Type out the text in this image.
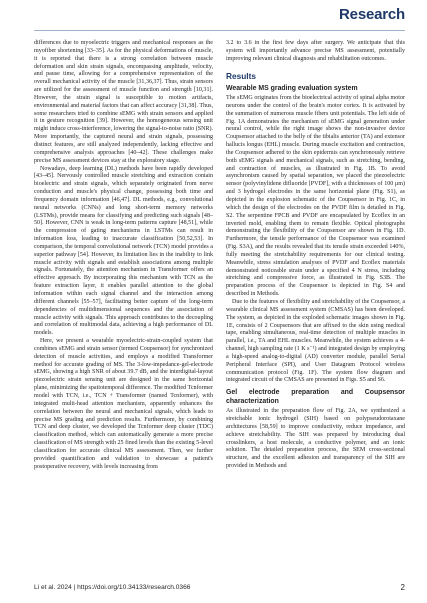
Research

differences due to myoelectric triggers and mechanical responses as the myofiber shortening [33–35]. As for the physical deformations of muscle, it is reported that there is a strong correlation between muscle deformation and skin strain signals, encompassing amplitude, velocity, and pause time, allowing for a comprehensive representation of the overall mechanical activity of the muscle [31,36,37]. Thus, strain sensors are utilized for the assessment of muscle function and strength [10,31]. However, the strain signal is susceptible to motion artifacts, environmental and material factors that can affect accuracy [31,38]. Thus, some researchers tried to combine sEMG with strain sensors and applied it in gesture recognition [39]. However, the homogeneous sensing unit might induce cross-interference, lowering the signal-to-noise ratio (SNR). More importantly, the captured neural and strain signals, possessing distinct features, are still analyzed independently, lacking effective and comprehensive analysis approaches [40–42]. These challenges make precise MS assessment devices stay at the exploratory stage.

Nowadays, deep learning (DL) methods have been rapidly developed [43–45]. Nervously controlled muscle stretching and extraction contain bioelectric and strain signals, which separately originated from nerve conduction and muscle's physical change, possessing both time and frequency domain information [46,47]. DL methods, e.g., convolutional neural networks (CNNs) and long short-term memory networks (LSTMs), provide means for classifying and predicting such signals [48–50]. However, CNN is weak in long-term patterns capture [48,51], while the compression of gating mechanisms in LSTMs can result in information loss, leading to inaccurate classification [50,52,53]. In comparison, the temporal convolutional network (TCN) model provides a superior pathway [54]. However, its limitation lies in the inability to link muscle activity with signals and establish associations among multiple signals. Fortunately, the attention mechanism in Transformer offers an effective approach. By incorporating this mechanism with TCN as the feature extraction layer, it enables parallel attention to the global information within each signal channel and the interaction among different channels [55–57], facilitating better capture of the long-term dependencies of multidimensional sequences and the association of muscle activity with signals. This approach contributes to the decoupling and correlation of multimodal data, achieving a high performance of DL models.

Here, we present a wearable myoelectric-strain-coupled system that combines sEMG and strain sensor (termed Coupsensor) for synchronized detection of muscle activities, and employs a modified Transformer method for accurate grading of MS. The 3-low-impedance-gel-electrode sEMG, showing a high SNR of about 39.7 dB, and the interdigital-layout piezoelectric strain sensing unit are designed in the same horizontal plane, minimizing the spatiotemporal difference. The modified Tcnformer model with TCN, i.e., TCN + Transformer (named Tcnformer), with integrated multi-head attention mechanism, apparently enhances the correlation between the neural and mechanical signals, which leads to precise MS grading and prediction results. Furthermore, by combining TCN and deep cluster, we developed the Tcnformer deep cluster (TDC) classification method, which can automatically generate a more precise classification of MS strength with 25 fined levels than the existing 5-level classification for accurate clinical MS assessment. Then, we further provided quantification and validation to showcase a patient's postoperative recovery, with levels increasing from

3.2 to 3.6 in the first few days after surgery. We anticipate that this system will importantly advance precise MS assessment, potentially improving relevant clinical diagnosis and rehabilitation outcomes.

Results
Wearable MS grading evaluation system

The sEMG originates from the bioelectrical activity of spinal alpha motor neurons under the control of the brain's motor cortex. It is activated by the summation of numerous muscle fibers unit potentials. The left side of Fig. 1A demonstrates the mechanism of sEMG signal generation under neural control, while the right image shows the non-invasive device Coupsensor attached to the belly of the tibialis anterior (TA) and extensor hallucis longus (EHL) muscle. During muscle excitation and contraction, the Coupsensor adhered to the skin epidermis can synchronously retrieve both sEMG signals and mechanical signals, such as stretching, bending, and contraction of muscles, as illustrated in Fig. 1B. To avoid asynchronism caused by spatial separation, we placed the piezoelectric sensor (polyvinylidene difluoride [PVDF], with a thicknesses of 100 μm) and 3 hydrogel electrodes in the same horizontal plane (Fig. S1), as depicted in the explosion schematic of the Coupsensor in Fig. 1C, in which the design of the electrodes on the PVDF film is detailed in Fig. S2. The serpentine FPCB and PVDF are encapsulated by Ecoflex in an inverted mold, enabling them to remain flexible. Optical photographs demonstrating the flexibility of the Coupsensor are shown in Fig. 1D. Furthermore, the tensile performance of the Coupsensor was examined (Fig. S3A), and the results revealed that its tensile strain exceeded 140%, fully meeting the stretchability requirements for our clinical testing. Meanwhile, stress simulation analyses of PVDF and Ecoflex materials demonstrated noticeable strain under a specified 4 N stress, including stretching and compressive force, as illustrated in Fig. S3B. The preparation process of the Coupsensor is depicted in Fig. S4 and described in Methods.

Due to the features of flexibility and stretchability of the Coupsensor, a wearable clinical MS assessment system (CMSAS) has been developed. The system, as depicted in the exploded schematic images shown in Fig. 1E, consists of 2 Coupsensors that are affixed to the skin using medical tape, enabling simultaneous, real-time detection of multiple muscles in parallel, i.e., TA and EHL muscles. Meanwhile, the system achieves a 4-channel, high sampling rate (1 K s⁻¹) and integrated design by employing a high-speed analog-to-digital (AD) converter module, parallel Serial Peripheral Interface (SPI), and User Datagram Protocol wireless communication protocol (Fig. 1F). The system flow diagram and integrated circuit of the CMSAS are presented in Figs. S5 and S6.

Gel electrode preparation and Coupsensor characterization

As illustrated in the preparation flow of Fig. 2A, we synthesized a stretchable ionic hydrogel (SIH) based on polypseudorotaxane architectures [58,59] to improve conductivity, reduce impedance, and achieve stretchability. The SIH was prepared by introducing dual crosslinkers, a host molecule, a conductive polymer, and an ionic solution. The detailed preparation process, the SEM cross-sectional structure, and the excellent adhesion and transparency of the SIH are provided in Methods and

Li et al. 2024 | https://doi.org/10.34133/research.0366	2
